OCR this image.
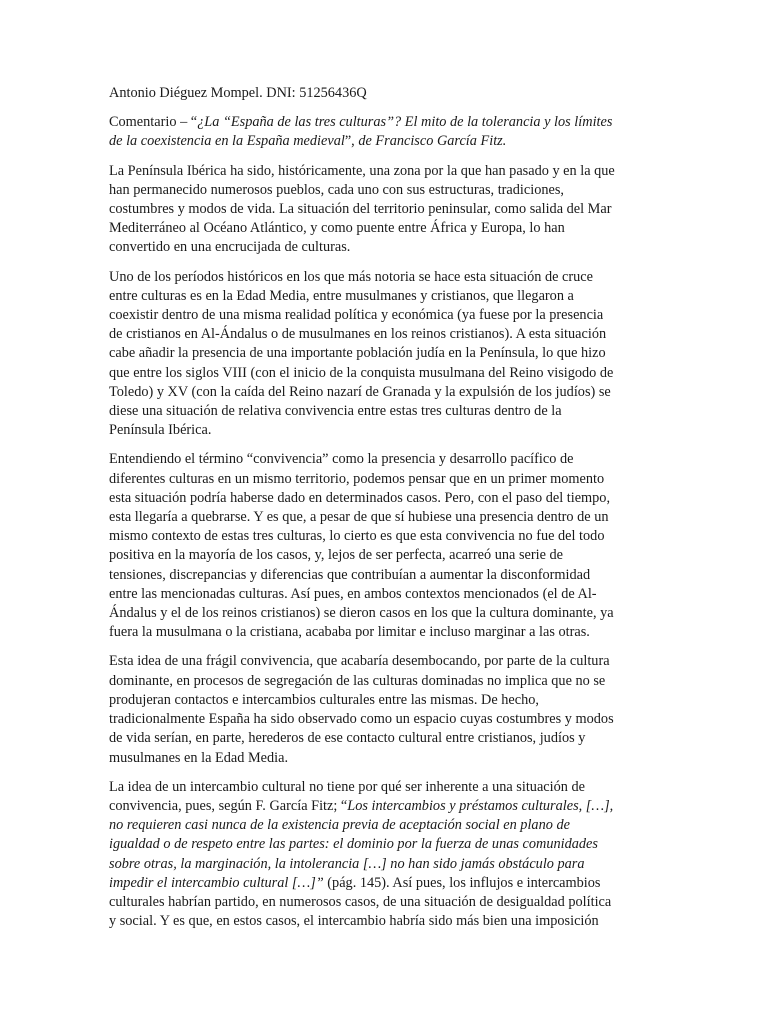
Antonio Diéguez Mompel. DNI: 51256436Q

Comentario – “¿La “España de las tres culturas”? El mito de la tolerancia y los límites
de la coexistencia en la España medieval”, de Francisco García Fitz.

La Península Ibérica ha sido, históricamente, una zona por la que han pasado y en la que
han permanecido numerosos pueblos, cada uno con sus estructuras, tradiciones,
costumbres y modos de vida. La situación del territorio peninsular, como salida del Mar
Mediterráneo al Océano Atlántico, y como puente entre África y Europa, lo han
convertido en una encrucijada de culturas.

Uno de los períodos históricos en los que más notoria se hace esta situación de cruce
entre culturas es en la Edad Media, entre musulmanes y cristianos, que llegaron a
coexistir dentro de una misma realidad política y económica (ya fuese por la presencia
de cristianos en Al-Ándalus o de musulmanes en los reinos cristianos). A esta situación
cabe añadir la presencia de una importante población judía en la Península, lo que hizo
que entre los siglos VIII (con el inicio de la conquista musulmana del Reino visigodo de
Toledo) y XV (con la caída del Reino nazarí de Granada y la expulsión de los judíos) se
diese una situación de relativa convivencia entre estas tres culturas dentro de la
Península Ibérica.

Entendiendo el término “convivencia” como la presencia y desarrollo pacífico de
diferentes culturas en un mismo territorio, podemos pensar que en un primer momento
esta situación podría haberse dado en determinados casos. Pero, con el paso del tiempo,
esta llegaría a quebrarse. Y es que, a pesar de que sí hubiese una presencia dentro de un
mismo contexto de estas tres culturas, lo cierto es que esta convivencia no fue del todo
positiva en la mayoría de los casos, y, lejos de ser perfecta, acarreó una serie de
tensiones, discrepancias y diferencias que contribuían a aumentar la disconformidad
entre las mencionadas culturas. Así pues, en ambos contextos mencionados (el de Al-
Ándalus y el de los reinos cristianos) se dieron casos en los que la cultura dominante, ya
fuera la musulmana o la cristiana, acababa por limitar e incluso marginar a las otras.

Esta idea de una frágil convivencia, que acabaría desembocando, por parte de la cultura
dominante, en procesos de segregación de las culturas dominadas no implica que no se
produjeran contactos e intercambios culturales entre las mismas. De hecho,
tradicionalmente España ha sido observado como un espacio cuyas costumbres y modos
de vida serían, en parte, herederos de ese contacto cultural entre cristianos, judíos y
musulmanes en la Edad Media.

La idea de un intercambio cultural no tiene por qué ser inherente a una situación de
convivencia, pues, según F. García Fitz; “Los intercambios y préstamos culturales, […],
no requieren casi nunca de la existencia previa de aceptación social en plano de
igualdad o de respeto entre las partes: el dominio por la fuerza de unas comunidades
sobre otras, la marginación, la intolerancia […] no han sido jamás obstáculo para
impedir el intercambio cultural […]” (pág. 145). Así pues, los influjos e intercambios
culturales habrían partido, en numerosos casos, de una situación de desigualdad política
y social. Y es que, en estos casos, el intercambio habría sido más bien una imposición
